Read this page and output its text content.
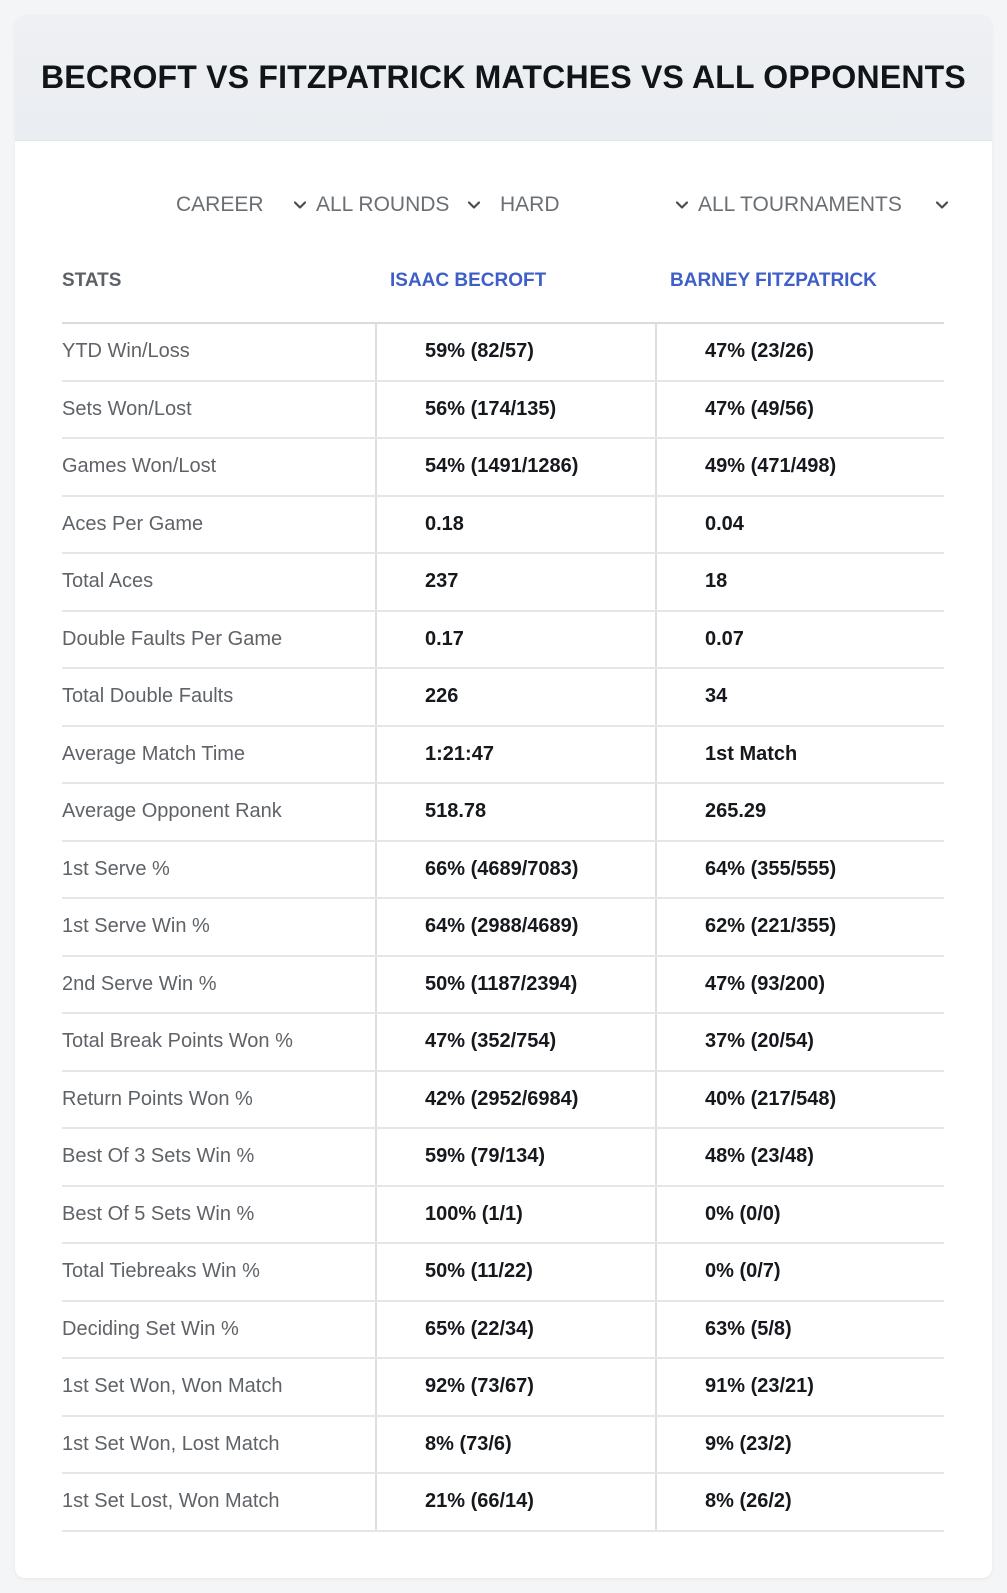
BECROFT VS FITZPATRICK MATCHES VS ALL OPPONENTS
CAREER ALL ROUNDS HARD	ALL TOURNAMENTS
STATS	ISAAC BECROFT	BARNEY FITZPATRICK
YTD Win/Loss	59% (82/57)	47% (23/26)
Sets Won/Lost	56% (174/135)	47% (49/56)
Games Won/Lost	54% (1491/1286)	49% (471/498)
Aces Per Game	0.18	0.04
Total Aces	237	18
Double Faults Per Game	0.17	0.07
Total Double Faults	226	34
Average Match Time	1:21:47	1st Match
Average Opponent Rank	518.78	265.29
1st Serve %	66% (4689/7083)	64% (355/555)
1st Serve Win %	64% (2988/4689)	62% (221/355)
2nd Serve Win %	50% (1187/2394)	47% (93/200)
Total Break Points Won %	47% (352/754)	37% (20/54)
Return Points Won %	42% (2952/6984)	40% (217/548)
Best Of 3 Sets Win %	59% (79/134)	48% (23/48)
Best Of 5 Sets Win %	100% (1/1)	0% (0/0)
Total Tiebreaks Win %	50% (11/22)	0% (0/7)
Deciding Set Win %	65% (22/34)	63% (5/8)
1st Set Won, Won Match	92% (73/67)	91% (23/21)
1st Set Won, Lost Match	8% (73/6)	9% (23/2)
1st Set Lost, Won Match	21% (66/14)	8% (26/2)
